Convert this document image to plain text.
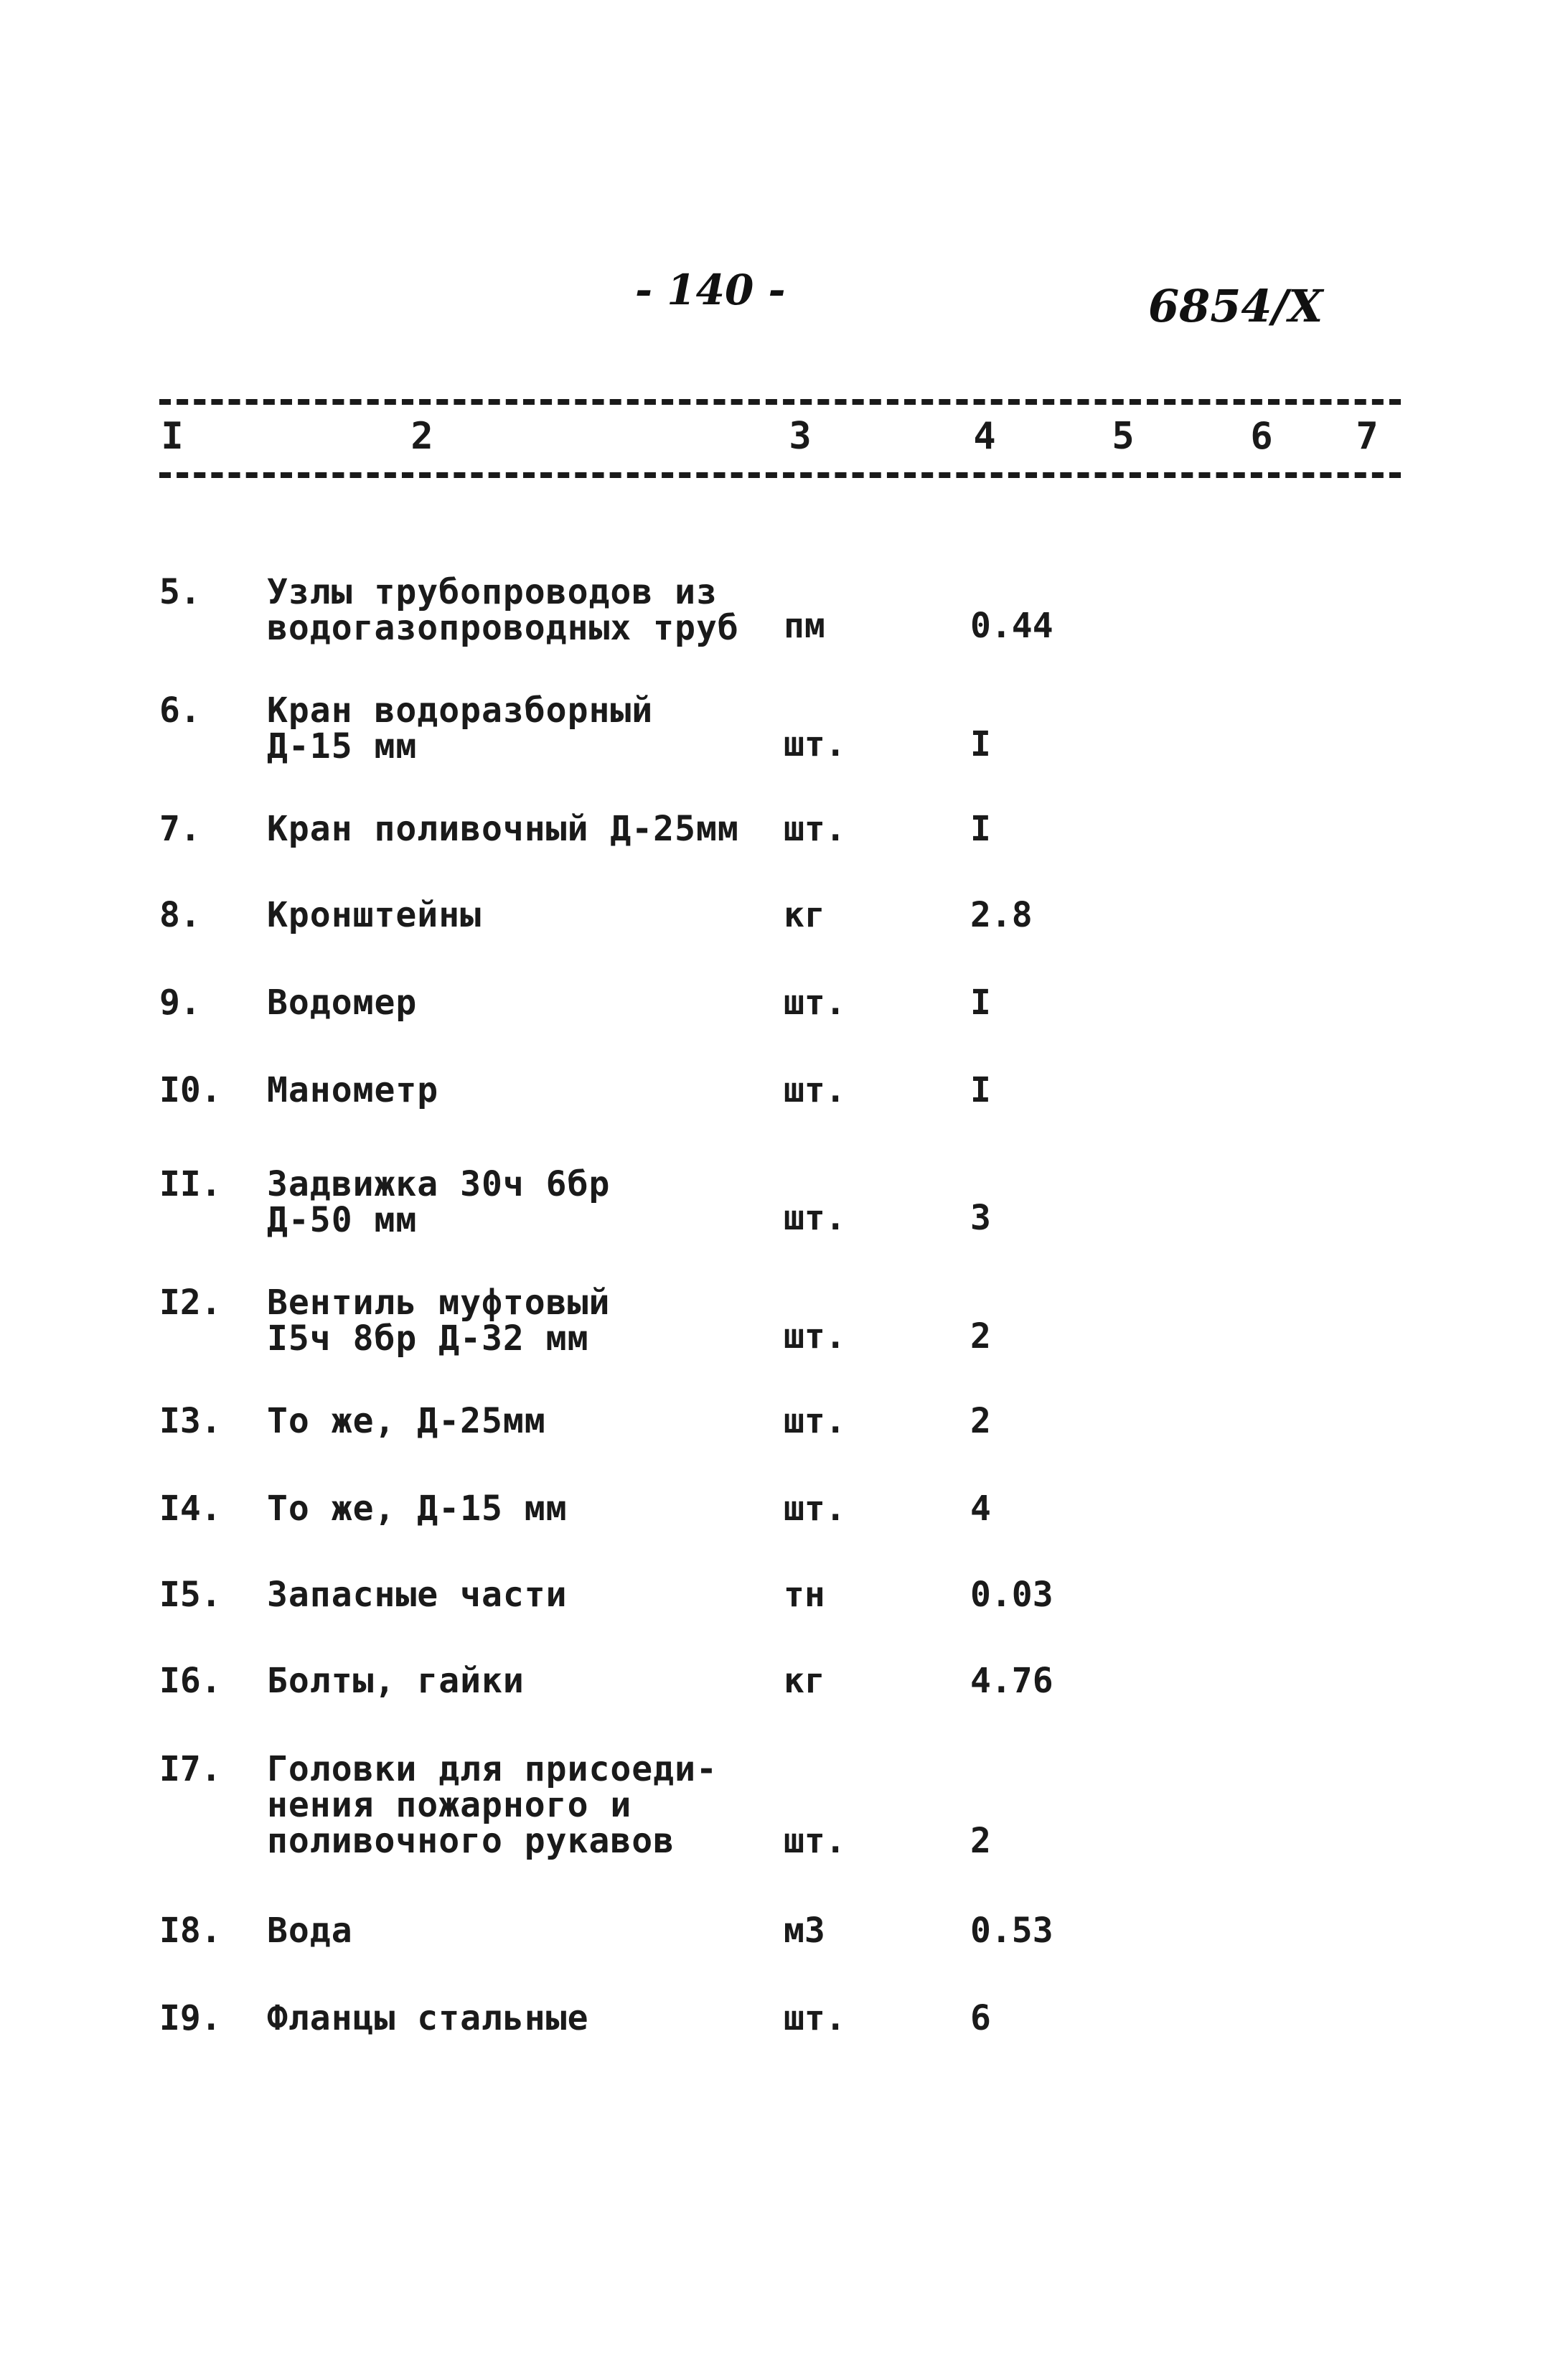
- 140 -	6854/X
I	2	3	4	5	6 7
5. Узлы трубопроводов из
водогазопроводных труб пм	0.44
6. Кран водоразборный
Д-15 мм	шт.	I
7. Кран поливочный Д-25мм шт.	I
8. Кронштейны	кг	2.8
9. Водомер	шт.	I
I0. Манометр	шт.	I
II. Задвижка 30ч 6бр
Д-50 мм	шт.	3
I2. Вентиль муфтовый
I5ч 8бр Д-32 мм	шт.	2
I3. То же, Д-25мм	шт.	2
I4. То же, Д-15 мм	шт.	4
I5. Запасные части	тн	0.03
I6. Болты, гайки	кг	4.76
I7. Головки для присоеди-
нения пожарного и
поливочного рукавов	шт.	2
I8. Вода	м3	0.53
I9. Фланцы стальные	шт.	6
